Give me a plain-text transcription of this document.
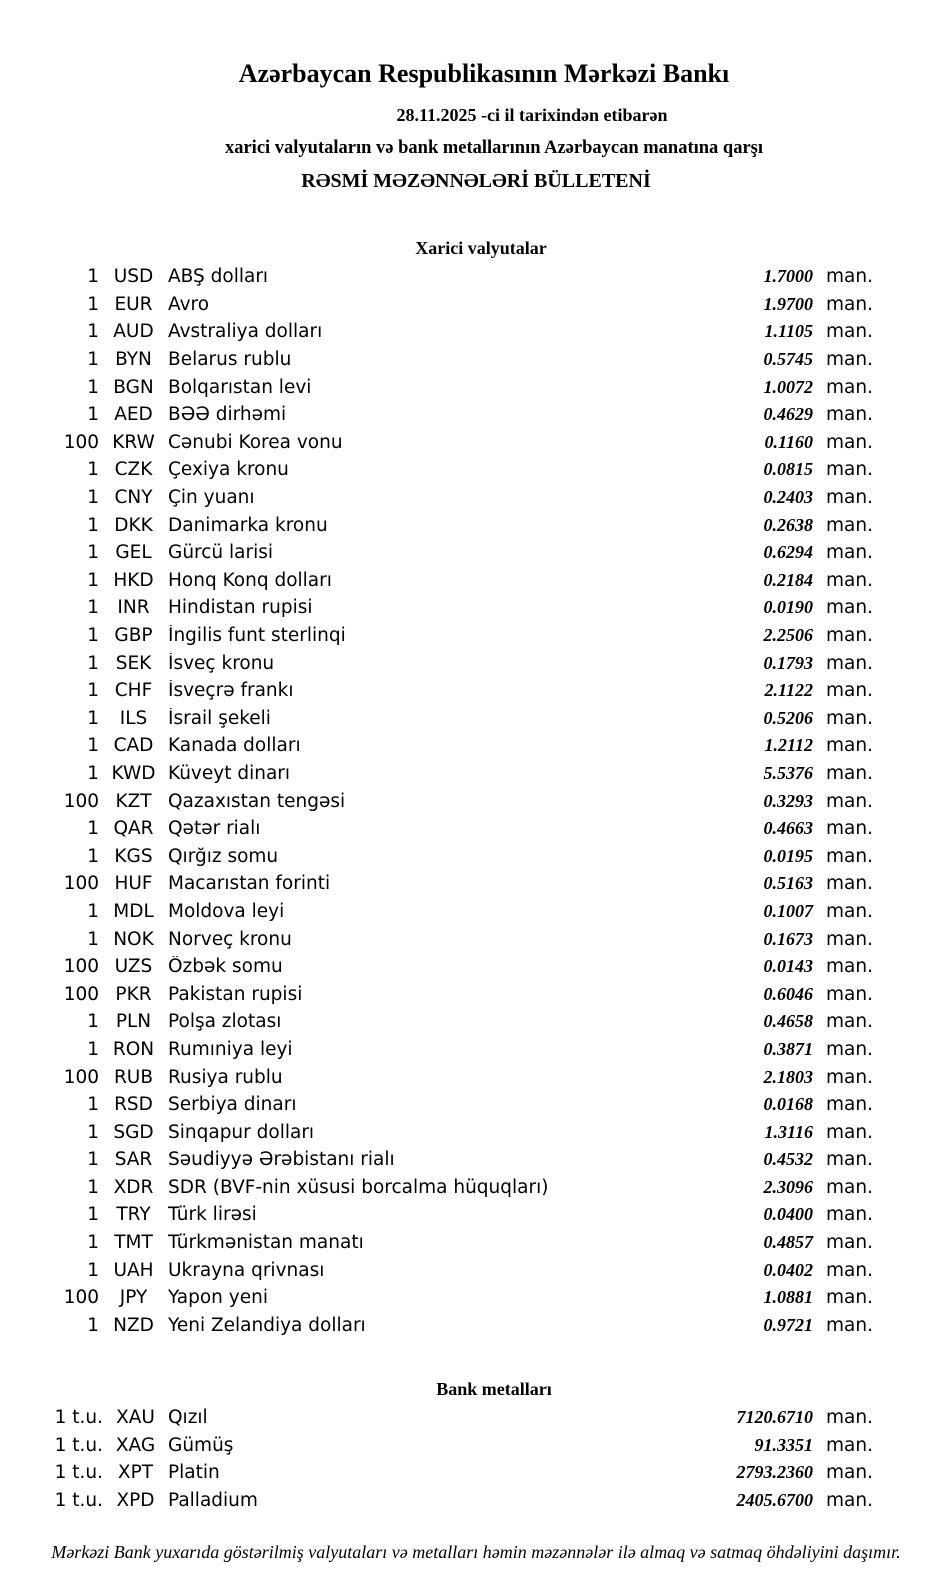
Azərbaycan Respublikasının Mərkəzi Bankı
28.11.2025 -ci il tarixindən etibarən
xarici valyutaların və bank metallarının Azərbaycan manatına qarşı
RƏSMİ MƏZƏNNƏLƏRİ BÜLLETENİ
Xarici valyutalar
1 USD ABŞ dolları	1.7000 man.
1 EUR Avro	1.9700 man.
1 AUD Avstraliya dolları	1.1105 man.
1 BYN Belarus rublu	0.5745 man.
1 BGN Bolqarıstan levi	1.0072 man.
1 AED BƏƏ dirhəmi	0.4629 man.
100 KRW Cənubi Korea vonu	0.1160 man.
1 CZK Çexiya kronu	0.0815 man.
1 CNY Çin yuanı	0.2403 man.
1 DKK Danimarka kronu	0.2638 man.
1 GEL Gürcü larisi	0.6294 man.
1 HKD Honq Konq dolları	0.2184 man.
1 INR Hindistan rupisi	0.0190 man.
1 GBP İngilis funt sterlinqi	2.2506 man.
1 SEK İsveç kronu	0.1793 man.
1 CHF İsveçrə frankı	2.1122 man.
1	ILS	İsrail şekeli	0.5206 man.
1 CAD Kanada dolları	1.2112 man.
1 KWD Küveyt dinarı	5.5376 man.
100 KZT Qazaxıstan tengəsi	0.3293 man.
1 QAR Qətər rialı	0.4663 man.
1 KGS Qırğız somu	0.0195 man.
100 HUF Macarıstan forinti	0.5163 man.
1 MDL Moldova leyi	0.1007 man.
1 NOK Norveç kronu	0.1673 man.
100 UZS Özbək somu	0.0143 man.
100 PKR Pakistan rupisi	0.6046 man.
1 PLN Polşa zlotası	0.4658 man.
1 RON Rumıniya leyi	0.3871 man.
100 RUB Rusiya rublu	2.1803 man.
1 RSD Serbiya dinarı	0.0168 man.
1 SGD Sinqapur dolları	1.3116 man.
1 SAR Səudiyyə Ərəbistanı rialı	0.4532 man.
1 XDR SDR (BVF-nin xüsusi borcalma hüquqları)	2.3096 man.
1 TRY Türk lirəsi	0.0400 man.
1 TMT Türkmənistan manatı	0.4857 man.
1 UAH Ukrayna qrivnası	0.0402 man.
100	JPY	Yapon yeni	1.0881 man.
1 NZD Yeni Zelandiya dolları	0.9721 man.
Bank metalları
1 t.u. XAU Qızıl	7120.6710 man.
1 t.u. XAG Gümüş	91.3351 man.
1 t.u. XPT Platin	2793.2360 man.
1 t.u. XPD Palladium	2405.6700 man.
Mərkəzi Bank yuxarıda göstərilmiş valyutaları və metalları həmin məzənnələr ilə almaq və satmaq öhdəliyini daşımır.
